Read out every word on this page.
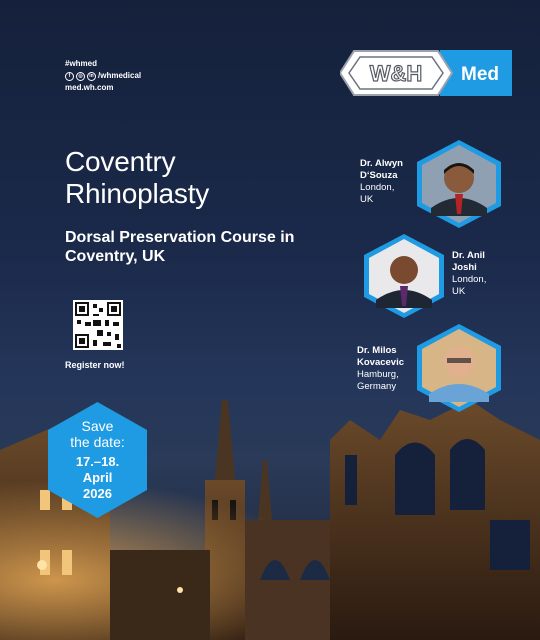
#whmed
f	◎	in /whmedical
med.wh.com
W&H Med
Coventry
Rhinoplasty
Dorsal Preservation Course in Coventry, UK
Register now!
Dr. Alwyn
D‘Souza
London,
UK
Dr. Anil
Joshi
London,
UK
Dr. Milos
Kovacevic
Hamburg,
Germany
Save
the date:
17.–18.
April
2026
